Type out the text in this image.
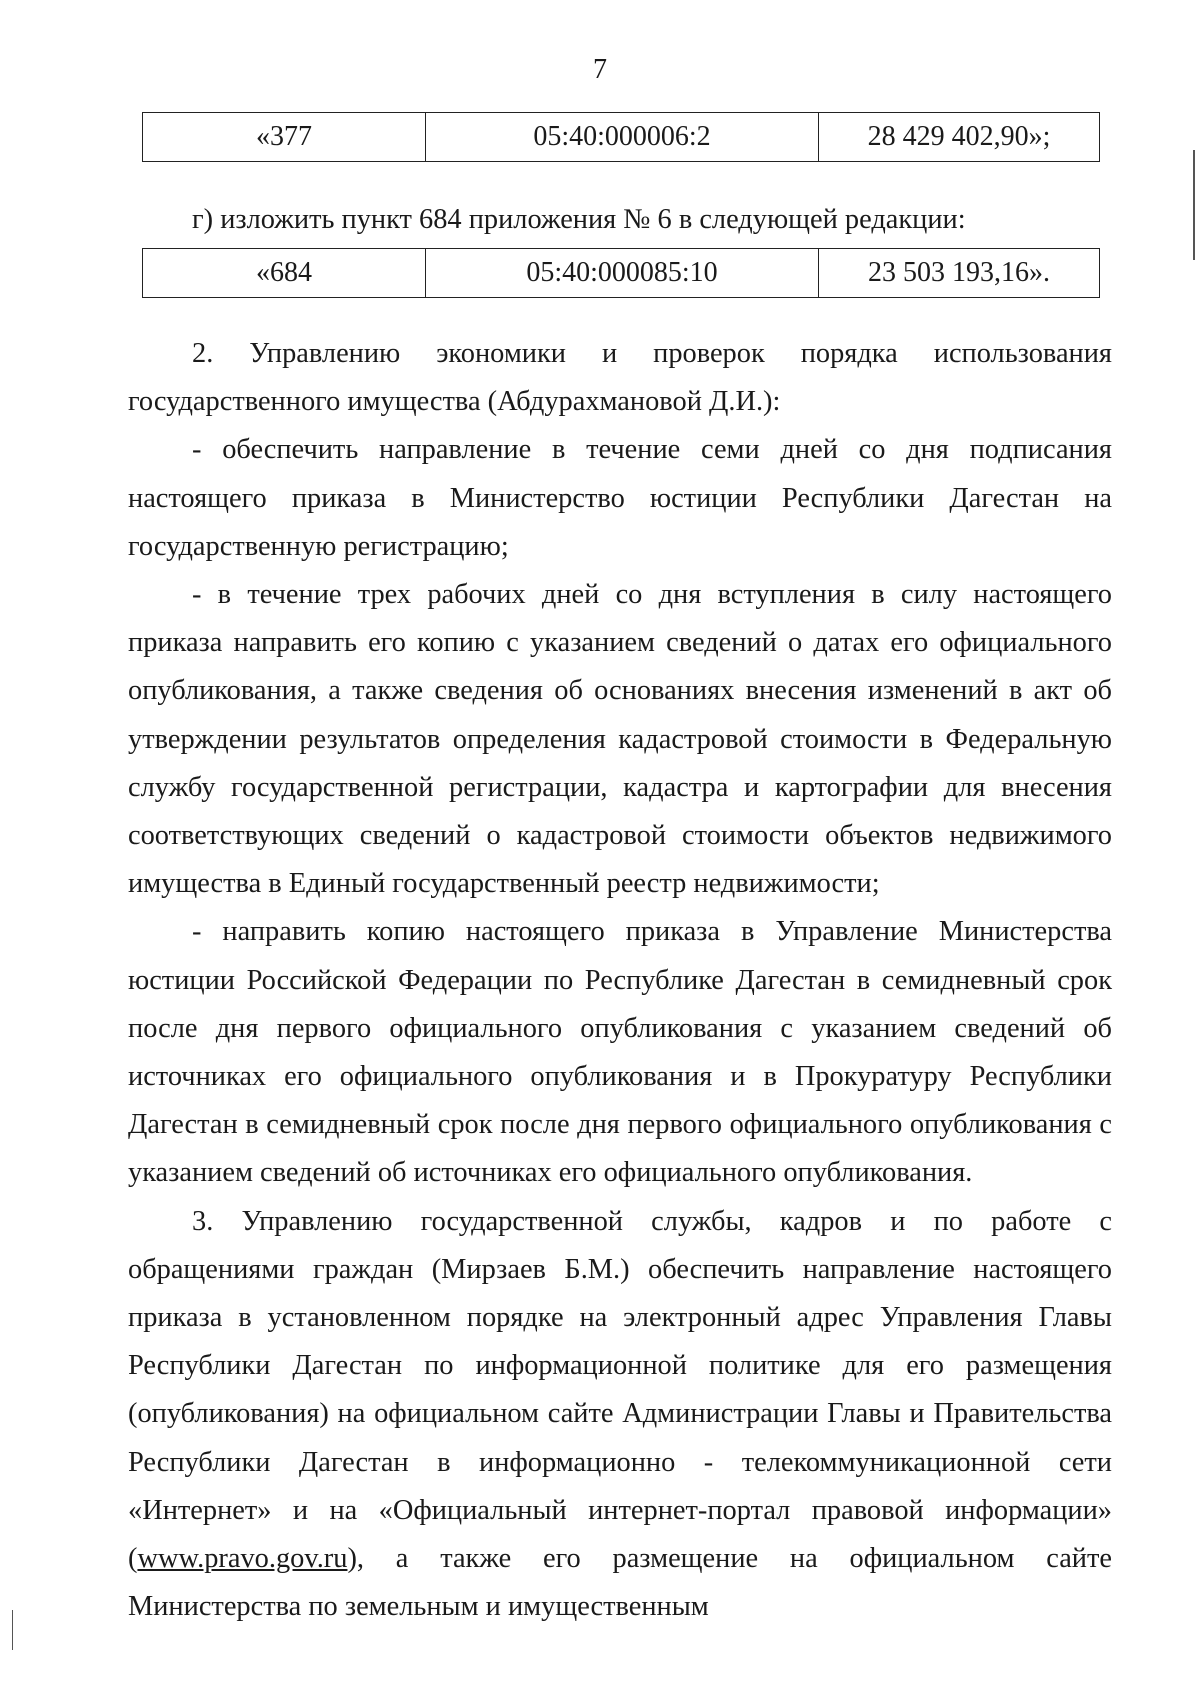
7
«377	05:40:000006:2	28 429 402,90»;
г) изложить пункт 684 приложения № 6 в следующей редакции:
«684	05:40:000085:10	23 503 193,16».

2. Управлению экономики и проверок порядка использования государственного имущества (Абдурахмановой Д.И.):

- обеспечить направление в течение семи дней со дня подписания настоящего приказа в Министерство юстиции Республики Дагестан на государственную регистрацию;

- в течение трех рабочих дней со дня вступления в силу настоящего приказа направить его копию с указанием сведений о датах его официального опубликования, а также сведения об основаниях внесения изменений в акт об утверждении результатов определения кадастровой стоимости в Федеральную службу государственной регистрации, кадастра и картографии для внесения соответствующих сведений о кадастровой стоимости объектов недвижимого имущества в Единый государственный реестр недвижимости;

- направить копию настоящего приказа в Управление Министерства юстиции Российской Федерации по Республике Дагестан в семидневный срок после дня первого официального опубликования с указанием сведений об источниках его официального опубликования и в Прокуратуру Республики Дагестан в семидневный срок после дня первого официального опубликования с указанием сведений об источниках его официального опубликования.

3. Управлению государственной службы, кадров и по работе с обращениями граждан (Мирзаев Б.М.) обеспечить направление настоящего приказа в установленном порядке на электронный адрес Управления Главы Республики Дагестан по информационной политике для его размещения (опубликования) на официальном сайте Администрации Главы и Правительства Республики Дагестан в информационно - телекоммуникационной сети «Интернет» и на «Официальный интернет-портал правовой информации» (www.pravo.gov.ru), а также его размещение на официальном сайте Министерства по земельным и имущественным
